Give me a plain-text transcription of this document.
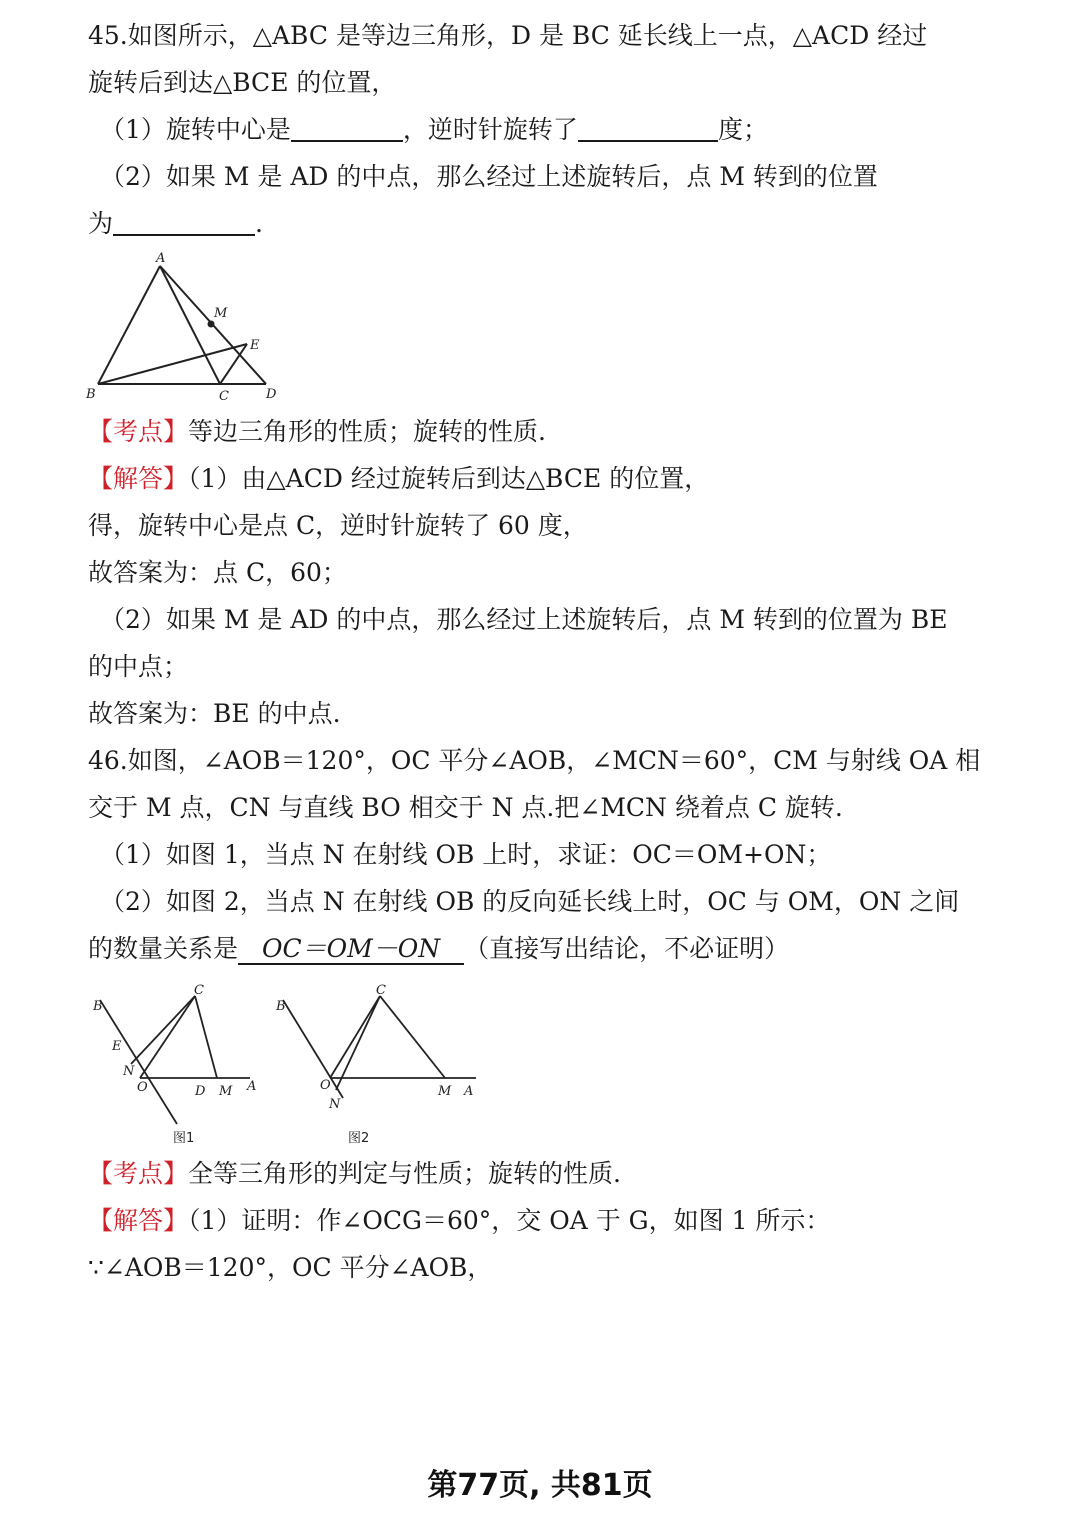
45.如图所示，△ABC 是等边三角形，D 是 BC 延长线上一点，△ACD 经过
旋转后到达△BCE 的位置，
（1）旋转中心是	，逆时针旋转了	度；
（2）如果 M 是 AD 的中点，那么经过上述旋转后，点 M 转到的位置
为	.
A
B	C	D
E
M
【考点】等边三角形的性质；旋转的性质.
【解答】（1）由△ACD 经过旋转后到达△BCE 的位置，
得，旋转中心是点 C，逆时针旋转了 60 度，
故答案为：点 C，60；
（2）如果 M 是 AD 的中点，那么经过上述旋转后，点 M 转到的位置为 BE
的中点；
故答案为：BE 的中点.
46.如图，∠AOB＝120°，OC 平分∠AOB，∠MCN＝60°，CM 与射线 OA 相
交于 M 点，CN 与直线 BO 相交于 N 点.把∠MCN 绕着点 C 旋转.
（1）如图 1，当点 N 在射线 OB 上时，求证：OC＝OM+ON；
（2）如图 2，当点 N 在射线 OB 的反向延长线上时，OC 与 OM，ON 之间
的数量关系是 OC＝OM－ON （直接写出结论，不必证明）
B
C
E
N
O	D M A
图1
B
C
O
N
M A
图2
【考点】全等三角形的判定与性质；旋转的性质.
【解答】（1）证明：作∠OCG＝60°，交 OA 于 G，如图 1 所示：
∵∠AOB＝120°，OC 平分∠AOB，
第77页, 共81页
